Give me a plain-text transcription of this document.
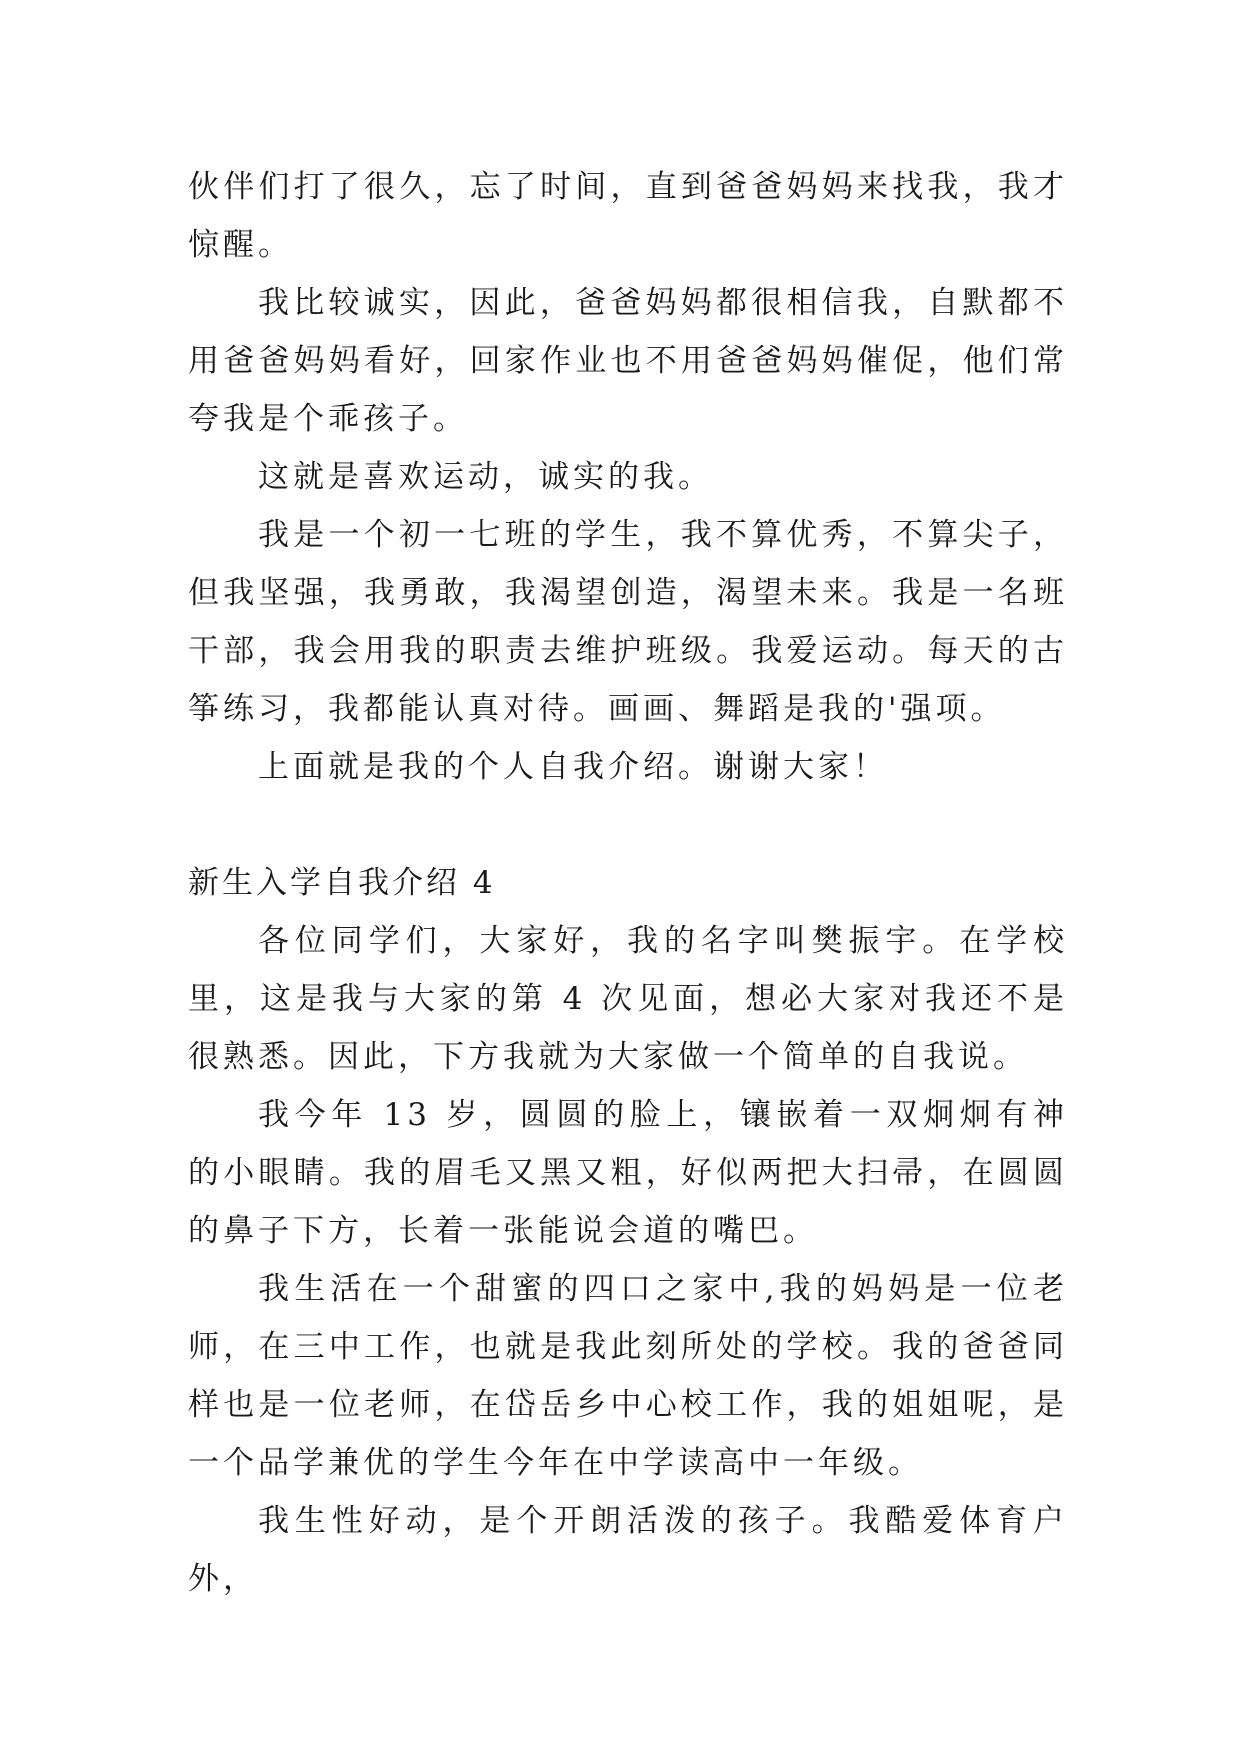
伙伴们打了很久，忘了时间，直到爸爸妈妈来找我，我才惊醒。

我比较诚实，因此，爸爸妈妈都很相信我，自默都不用爸爸妈妈看好，回家作业也不用爸爸妈妈催促，他们常夸我是个乖孩子。

这就是喜欢运动，诚实的我。

我是一个初一七班的学生，我不算优秀，不算尖子，但我坚强，我勇敢，我渴望创造，渴望未来。我是一名班干部，我会用我的职责去维护班级。我爱运动。每天的古筝练习，我都能认真对待。画画、舞蹈是我的'强项。

上面就是我的个人自我介绍。谢谢大家！

新生入学自我介绍 4

各位同学们，大家好，我的名字叫樊振宇。在学校里，这是我与大家的第 4 次见面，想必大家对我还不是很熟悉。因此，下方我就为大家做一个简单的自我说。

我今年 13 岁，圆圆的脸上，镶嵌着一双炯炯有神的小眼睛。我的眉毛又黑又粗，好似两把大扫帚，在圆圆的鼻子下方，长着一张能说会道的嘴巴。

我生活在一个甜蜜的四口之家中,我的妈妈是一位老师，在三中工作，也就是我此刻所处的学校。我的爸爸同样也是一位老师，在岱岳乡中心校工作，我的姐姐呢，是一个品学兼优的学生今年在中学读高中一年级。

我生性好动，是个开朗活泼的孩子。我酷爱体育户外，
